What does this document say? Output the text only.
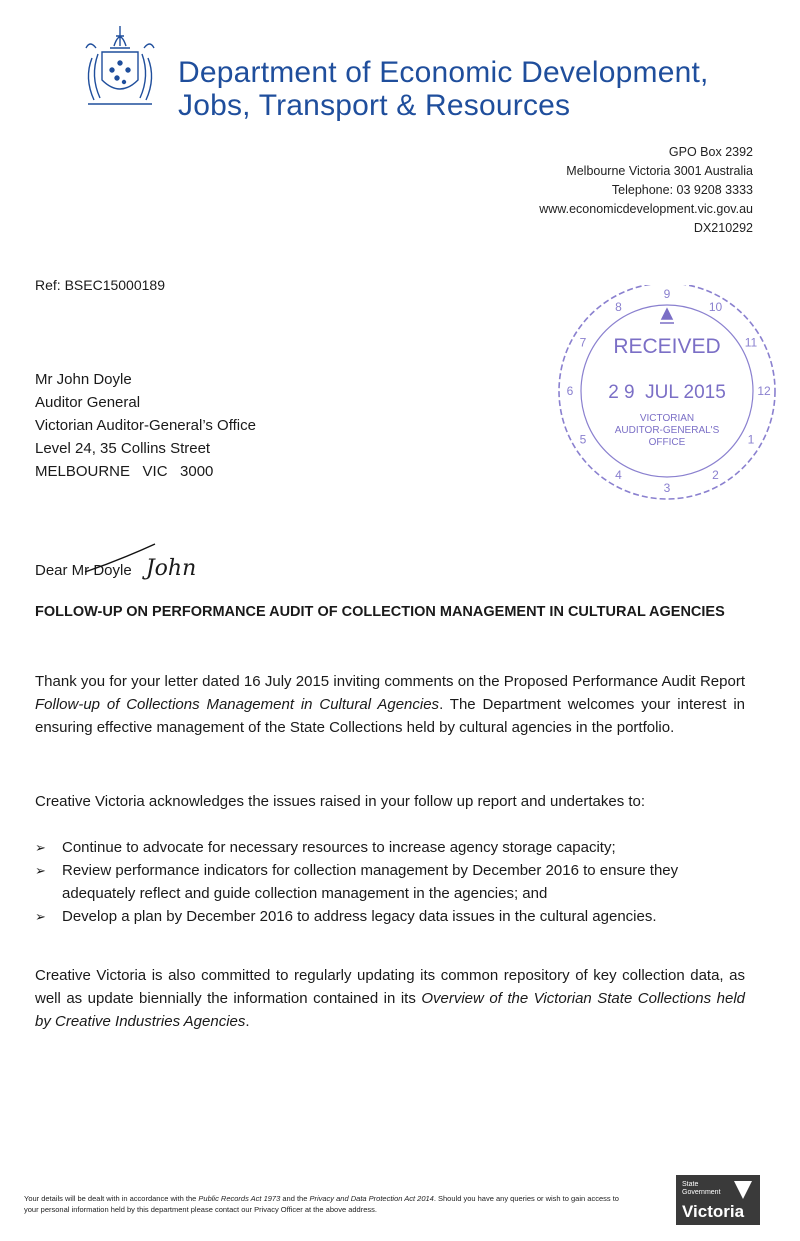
Department of Economic Development,
Jobs, Transport & Resources
GPO Box 2392
Melbourne Victoria 3001 Australia
Telephone: 03 9208 3333
www.economicdevelopment.vic.gov.au
DX210292
Ref: BSEC15000189
Mr John Doyle
Auditor General
Victorian Auditor-General’s Office
Level 24, 35 Collins Street
MELBOURNE   VIC   3000
8
9
10
11
12
1
2
3
4
5
6
7 RECEIVED
2 9  JUL 2015
VICTORIAN
AUDITOR-GENERAL'S
OFFICE
Dear Mr Doyle John
FOLLOW-UP ON PERFORMANCE AUDIT OF COLLECTION MANAGEMENT IN CULTURAL AGENCIES
Thank you for your letter dated 16 July 2015 inviting comments on the Proposed Performance Audit Report Follow-up of Collections Management in Cultural Agencies. The Department welcomes your interest in ensuring effective management of the State Collections held by cultural agencies in the portfolio.
Creative Victoria acknowledges the issues raised in your follow up report and undertakes to:
➢	Continue to advocate for necessary resources to increase agency storage capacity;
➢	Review performance indicators for collection management by December 2016 to ensure they adequately reflect and guide collection management in the agencies; and
➢	Develop a plan by December 2016 to address legacy data issues in the cultural agencies.
Creative Victoria is also committed to regularly updating its common repository of key collection data, as well as update biennially the information contained in its Overview of the Victorian State Collections held by Creative Industries Agencies.
Your details will be dealt with in accordance with the Public Records Act 1973 and the Privacy and Data Protection Act 2014. Should you have any queries or wish to gain access to your personal information held by this department please contact our Privacy Officer at the above address.
State
Government
Victoria
